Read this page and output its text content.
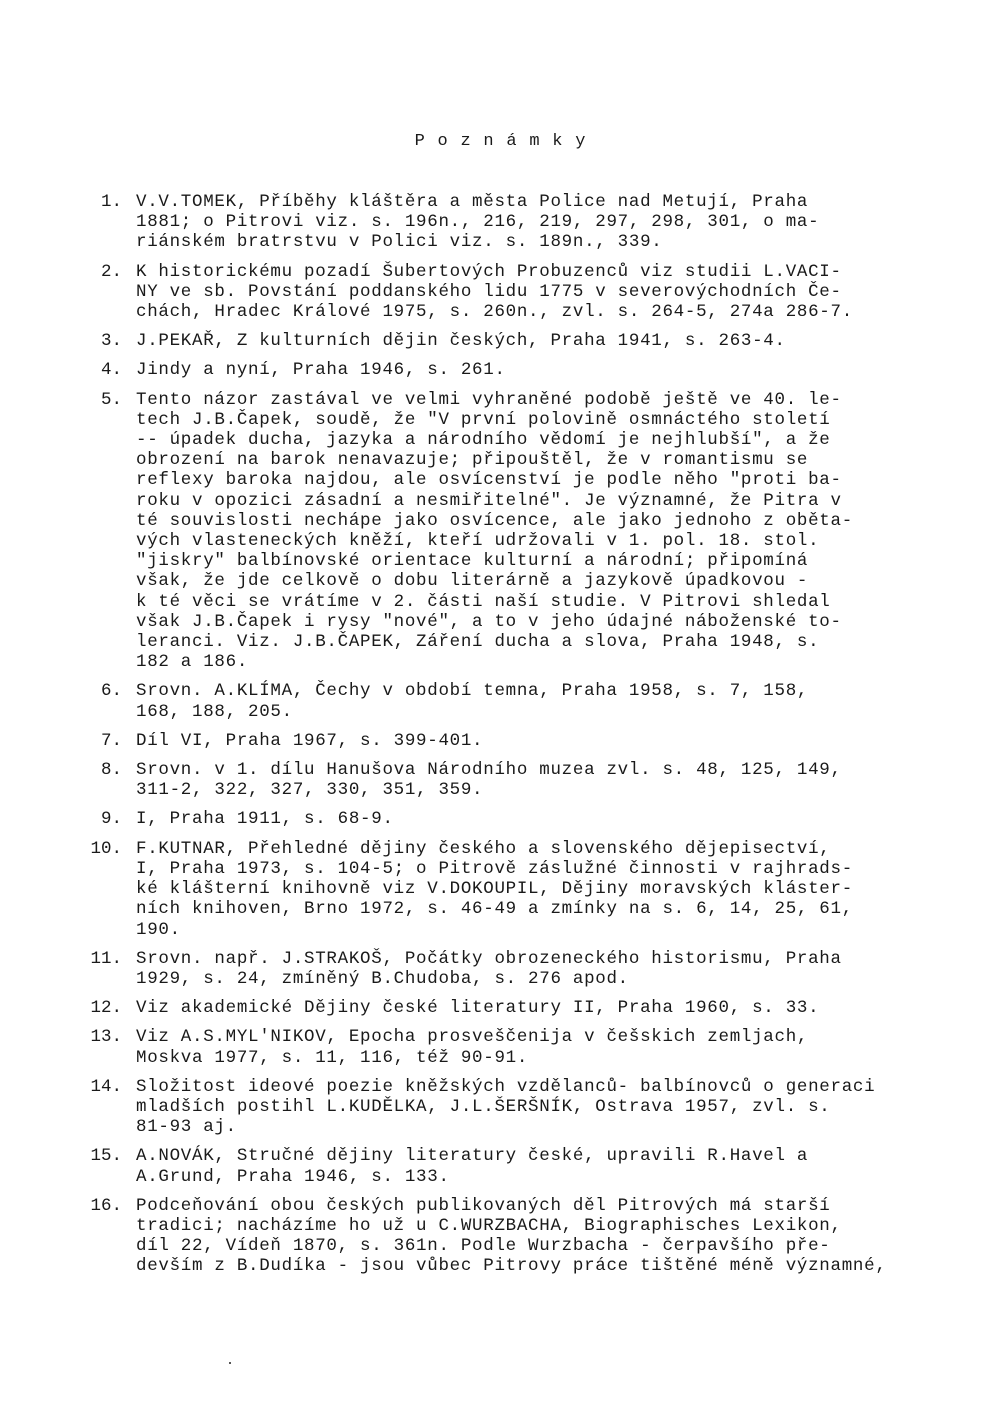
Poznámky
1. V.V.TOMEK, Příběhy kláštěra a města Police nad Metují, Praha
1881; o Pitrovi viz. s. 196n., 216, 219, 297, 298, 301, o ma-
riánském bratrstvu v Polici viz. s. 189n., 339.
2. K historickému pozadí Šubertových Probuzenců viz studii L.VACI-
NY ve sb. Povstání poddanského lidu 1775 v severovýchodních Če-
chách, Hradec Králové 1975, s. 260n., zvl. s. 264-5, 274a 286-7.
3. J.PEKAŘ, Z kulturních dějin českých, Praha 1941, s. 263-4.
4. Jindy a nyní, Praha 1946, s. 261.
5. Tento názor zastával ve velmi vyhraněné podobě ještě ve 40. le-
tech J.B.Čapek, soudě, že "V první polovině osmnáctého století
-- úpadek ducha, jazyka a národního vědomí je nejhlubší", a že
obrození na barok nenavazuje; připouštěl, že v romantismu se
reflexy baroka najdou, ale osvícenství je podle něho "proti ba-
roku v opozici zásadní a nesmiřitelné". Je významné, že Pitra v
té souvislosti nechápe jako osvícence, ale jako jednoho z oběta-
vých vlasteneckých kněží, kteří udržovali v 1. pol. 18. stol.
"jiskry" balbínovské orientace kulturní a národní; připomíná
však, že jde celkově o dobu literárně a jazykově úpadkovou -
k té věci se vrátíme v 2. části naší studie. V Pitrovi shledal
však J.B.Čapek i rysy "nové", a to v jeho údajné náboženské to-
leranci. Viz. J.B.ČAPEK, Záření ducha a slova, Praha 1948, s.
182 a 186.
6. Srovn. A.KLÍMA, Čechy v období temna, Praha 1958, s. 7, 158,
168, 188, 205.
7. Díl VI, Praha 1967, s. 399-401.
8. Srovn. v 1. dílu Hanušova Národního muzea zvl. s. 48, 125, 149,
311-2, 322, 327, 330, 351, 359.
9. I, Praha 1911, s. 68-9.
10. F.KUTNAR, Přehledné dějiny českého a slovenského dějepisectví,
I, Praha 1973, s. 104-5; o Pitrově záslužné činnosti v rajhrads-
ké klášterní knihovně viz V.DOKOUPIL, Dějiny moravských kláster-
ních knihoven, Brno 1972, s. 46-49 a zmínky na s. 6, 14, 25, 61,
190.
11. Srovn. např. J.STRAKOŠ, Počátky obrozeneckého historismu, Praha
1929, s. 24, zmíněný B.Chudoba, s. 276 apod.
12. Viz akademické Dějiny české literatury II, Praha 1960, s. 33.
13. Viz A.S.MYL'NIKOV, Epocha prosveščenija v češskich zemljach,
Moskva 1977, s. 11, 116, též 90-91.
14. Složitost ideové poezie kněžských vzdělanců- balbínovců o generaci
mladších postihl L.KUDĚLKA, J.L.ŠERŠNÍK, Ostrava 1957, zvl. s.
81-93 aj.
15. A.NOVÁK, Stručné dějiny literatury české, upravili R.Havel a
A.Grund, Praha 1946, s. 133.
16. Podceňování obou českých publikovaných děl Pitrových má starší
tradici; nacházíme ho už u C.WURZBACHA, Biographisches Lexikon,
díl 22, Vídeň 1870, s. 361n. Podle Wurzbacha - čerpavšího pře-
devším z B.Dudíka - jsou vůbec Pitrovy práce tištěné méně významné,
